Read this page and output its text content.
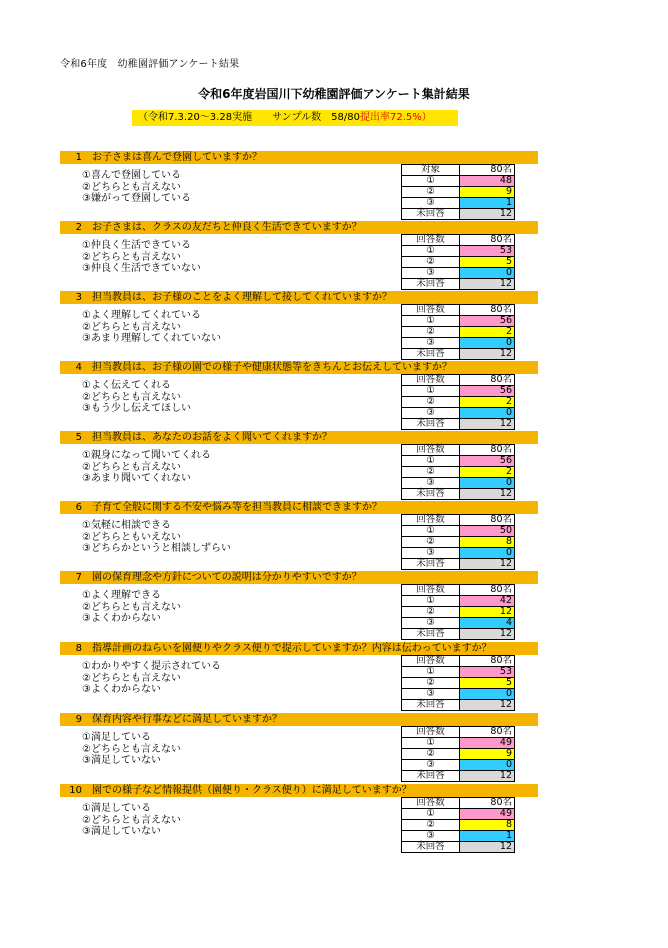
令和6年度　幼稚園評価アンケート結果
令和6年度岩国川下幼稚園評価アンケート集計結果
（令和7.3.20～3.28実施　　サンプル数　58/80提出率72.5%）
1 お子さまは喜んで登園していますか？
①喜んで登園している
②どちらとも言えない
③嫌がって登園している
対象	80名
①	48
②	9
③	1
未回答	12
2 お子さまは、クラスの友だちと仲良く生活できていますか？
①仲良く生活できている
②どちらとも言えない
③仲良く生活できていない
回答数	80名
①	53
②	5
③	0
未回答	12
3 担当教員は、お子様のことをよく理解して接してくれていますか？
①よく理解してくれている
②どちらとも言えない
③あまり理解してくれていない
回答数	80名
①	56
②	2
③	0
未回答	12
4 担当教員は、お子様の園での様子や健康状態等をきちんとお伝えしていますか？
①よく伝えてくれる
②どちらとも言えない
③もう少し伝えてほしい
回答数	80名
①	56
②	2
③	0
未回答	12
5 担当教員は、あなたのお話をよく聞いてくれますか？
①親身になって聞いてくれる
②どちらとも言えない
③あまり聞いてくれない
回答数	80名
①	56
②	2
③	0
未回答	12
6 子育て全般に関する不安や悩み等を担当教員に相談できますか？
①気軽に相談できる
②どちらともいえない
③どちらかというと相談しずらい
回答数	80名
①	50
②	8
③	0
未回答	12
7 園の保育理念や方針についての説明は分かりやすいですか？
①よく理解できる
②どちらとも言えない
③よくわからない
回答数	80名
①	42
②	12
③	4
未回答	12
8 指導計画のねらいを園便りやクラス便りで提示していますか？内容は伝わっていますか？
①わかりやすく提示されている
②どちらとも言えない
③よくわからない
回答数	80名
①	53
②	5
③	0
未回答	12
9 保育内容や行事などに満足していますか？
①満足している
②どちらとも言えない
③満足していない
回答数	80名
①	49
②	9
③	0
未回答	12
10 園での様子など情報提供（園便り・クラス便り）に満足していますか？
①満足している
②どちらとも言えない
③満足していない
回答数	80名
①	49
②	8
③	1
未回答	12
